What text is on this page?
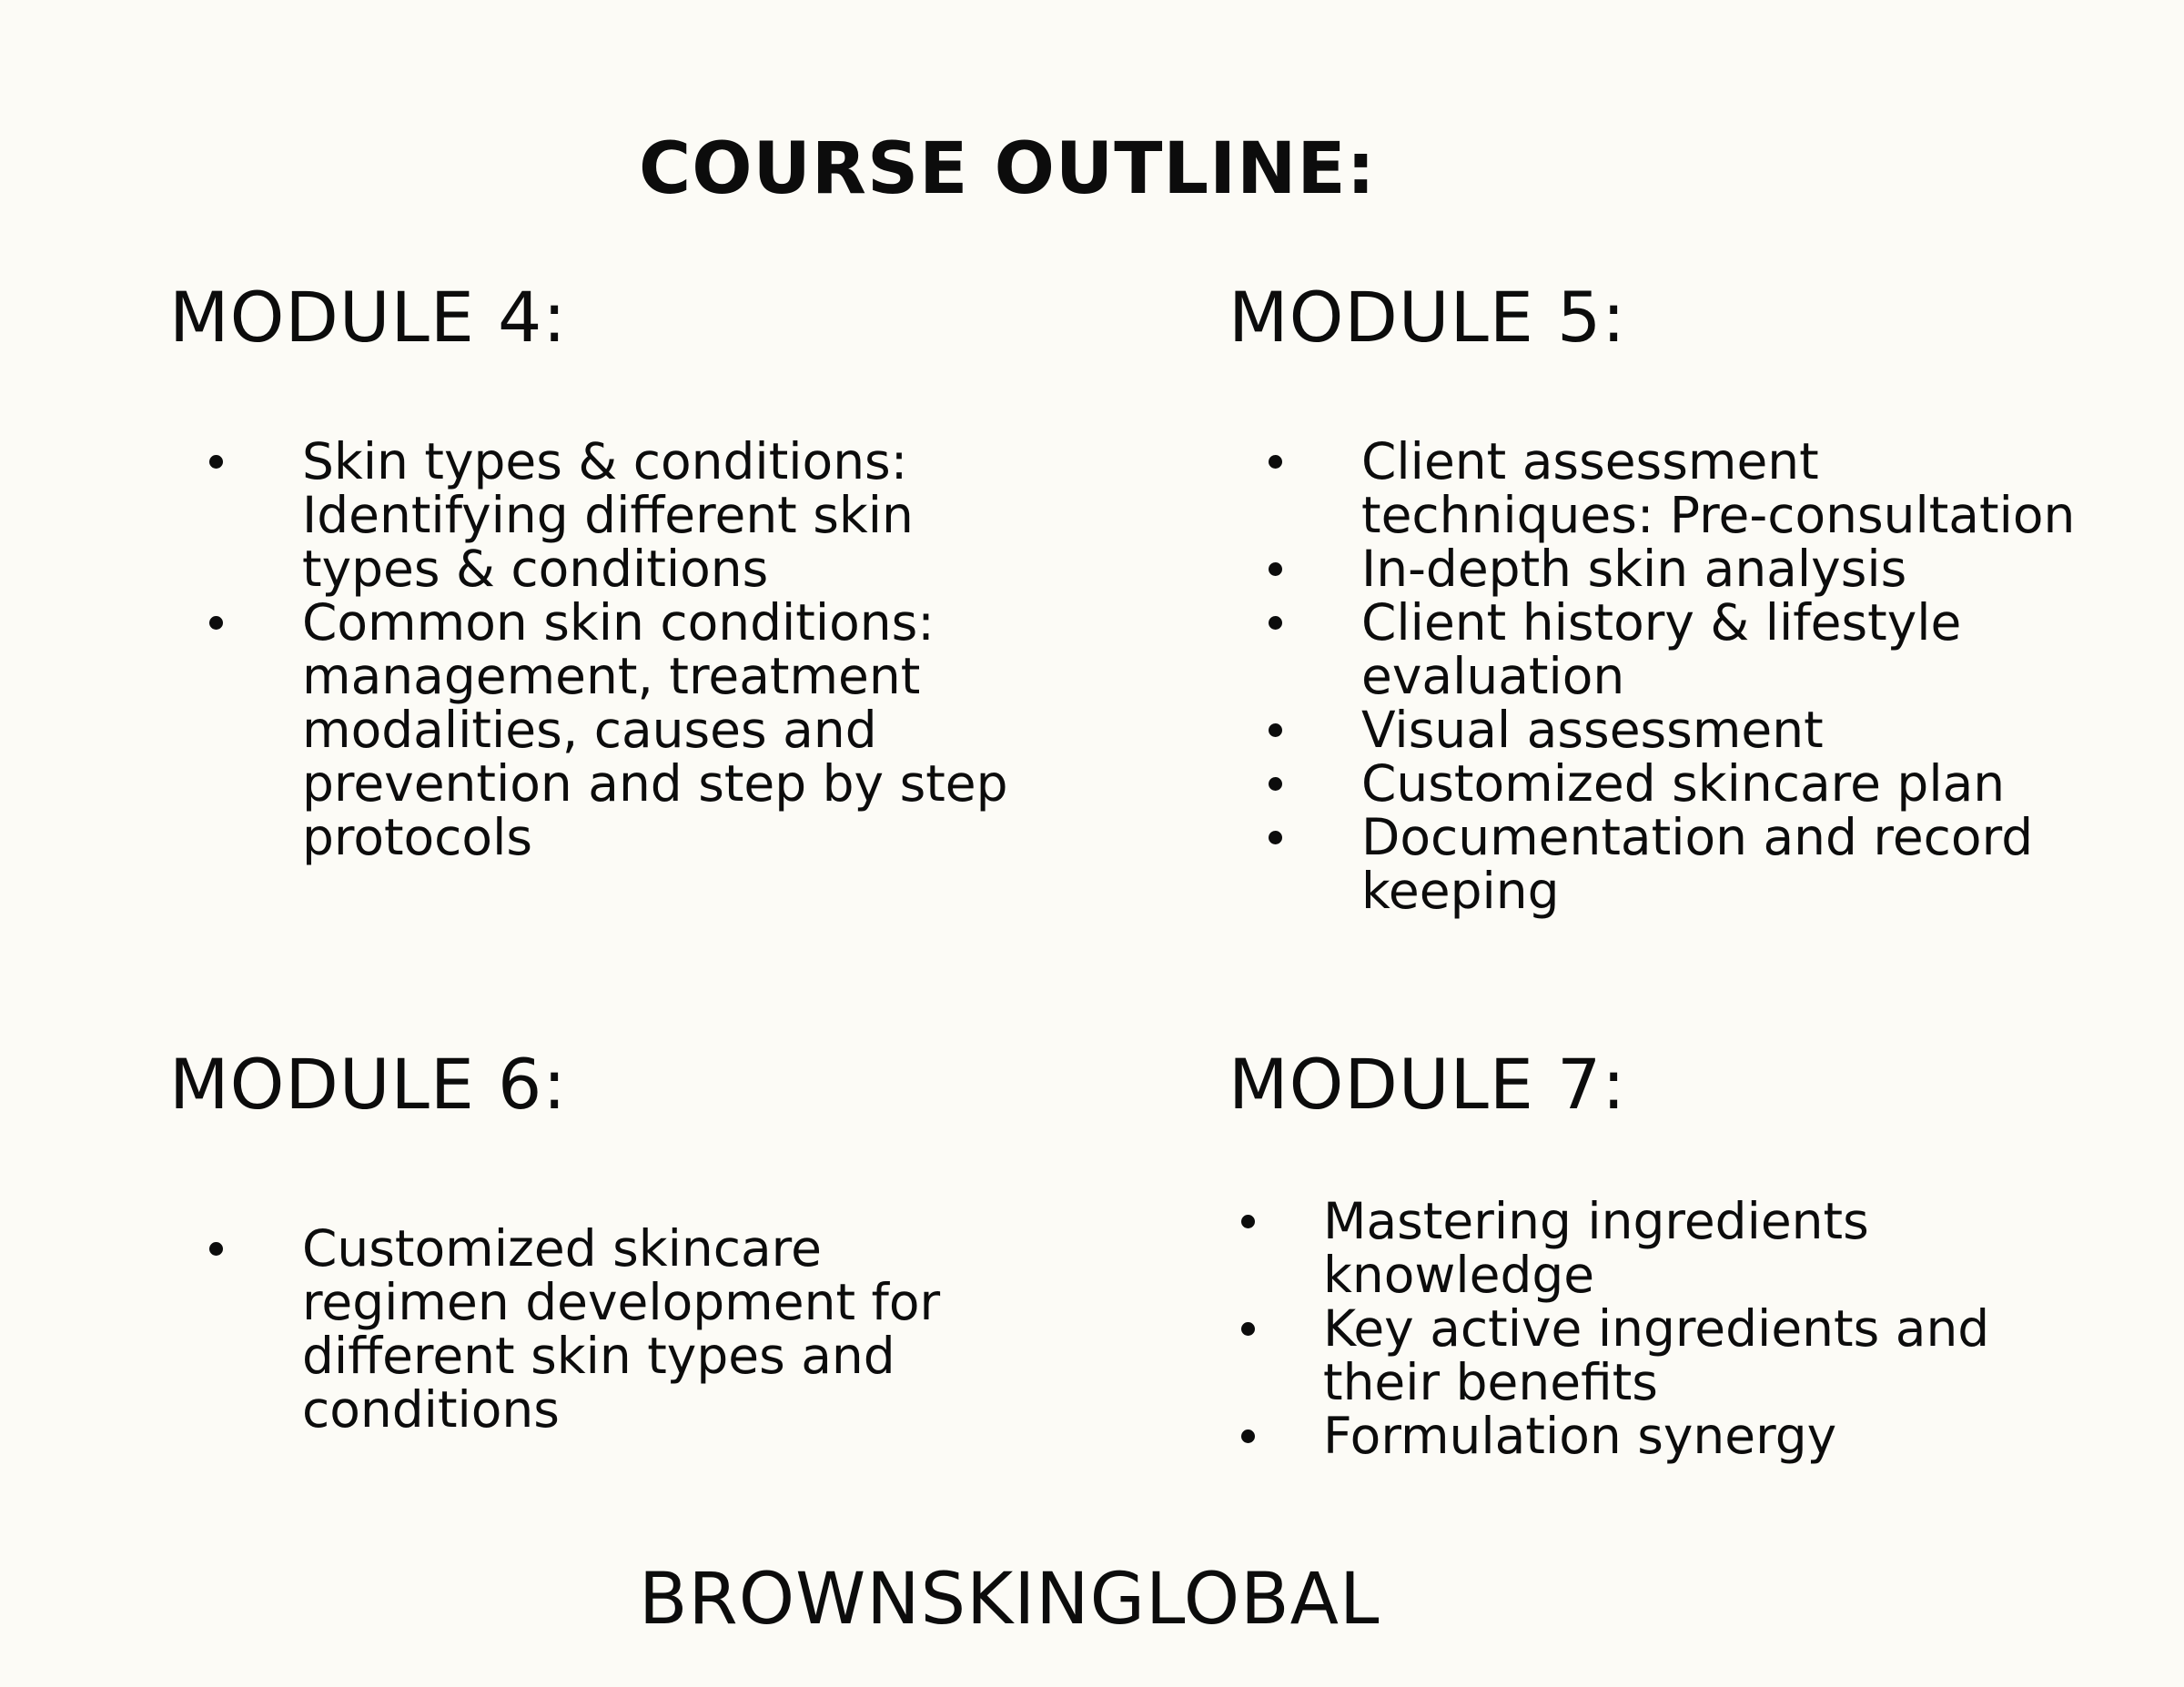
COURSE OUTLINE:
MODULE 4:
Skin types & conditions: Identifying different skin types & conditions
Common skin conditions: management, treatment modalities, causes and prevention and step by step protocols
MODULE 5:
Client assessment techniques: Pre-consultation
In-depth skin analysis
Client history & lifestyle evaluation
Visual assessment
Customized skincare plan
Documentation and record keeping
MODULE 6:
Customized skincare regimen development for different skin types and conditions
MODULE 7:
Mastering ingredients knowledge
Key active ingredients and their benefits
Formulation synergy
BROWNSKINGLOBAL
